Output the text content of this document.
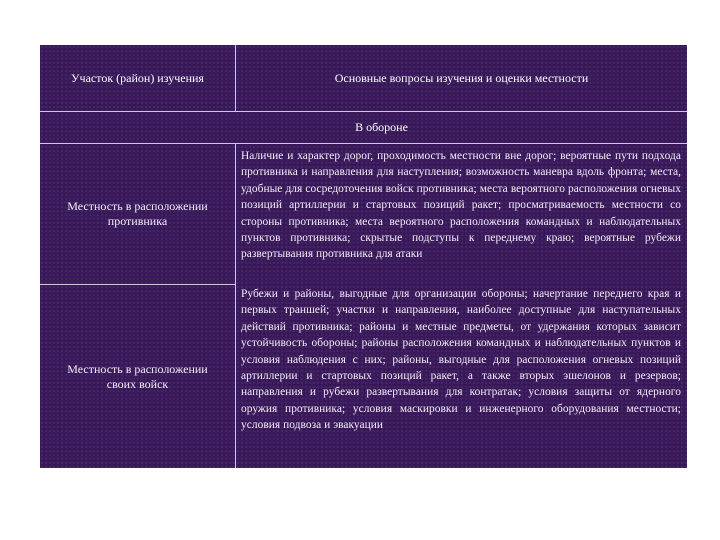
Участок (район) изучения	Основные вопросы изучения и оценки местности
В обороне
Местность в расположении противника
Наличие и характер дорог, проходимость местности вне дорог; вероятные пути подхода противника и направления для наступления; возможность маневра вдоль фронта; места, удобные для сосредоточения войск противника; места вероятного расположения огневых позиций артиллерии и стартовых позиций ракет; просматриваемость местности со стороны противника; места вероятного расположения командных и наблюдательных пунктов противника; скрытые подступы к переднему краю; вероятные рубежи развертывания противника для атаки
Местность в расположении своих войск
Рубежи и районы, выгодные для организации обороны; начертание переднего края и первых траншей; участки и направления, наиболее доступные для наступательных действий противника; районы и местные предметы, от удержания которых зависит устойчивость обороны; районы расположения командных и наблюдательных пунктов и условия наблюдения с них; районы, выгодные для расположения огневых позиций артиллерии и стартовых позиций ракет, а также вторых эшелонов и резервов; направления и рубежи развертывания для контратак; условия защиты от ядерного оружия противника; условия маскировки и инженерного оборудования местности; условия подвоза и эвакуации
